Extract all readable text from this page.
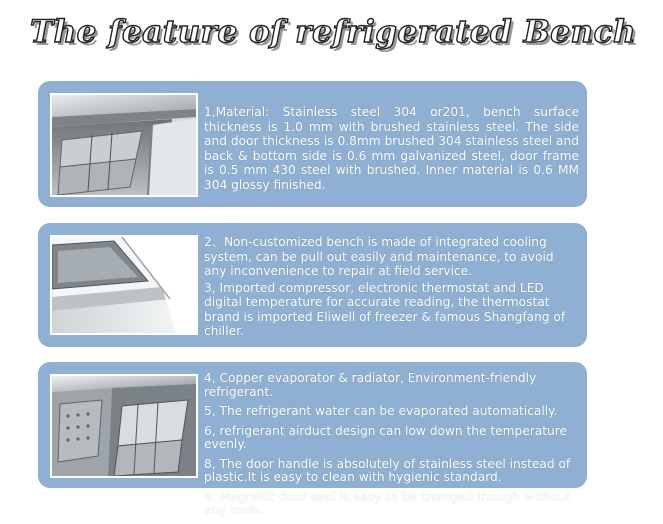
The feature of refrigerated Bench

1,Material: Stainless steel 304 or201, bench surface thickness is 1.0 mm with brushed stainless steel. The side and door thickness is 0.8mm brushed 304 stainless steel and back & bottom side is 0.6 mm galvanized steel, door frame is 0.5 mm 430 steel with brushed. Inner material is 0.6 MM 304 glossy finished.

2、Non-customized bench is made of integrated cooling system, can be pull out easily and maintenance, to avoid any inconvenience to repair at field service.

3, Imported compressor, electronic thermostat and LED digital temperature for accurate reading, the thermostat brand is imported Eliwell of freezer & famous Shangfang of chiller.

4, Copper evaporator & radiator, Environment-friendly refrigerant.

5, The refrigerant water can be evaporated automatically.

6, refrigerant airduct design can low down the temperature evenly.

8, The door handle is absolutely of stainless steel instead of plastic.It is easy to clean with hygienic standard.

9, Magnetic door seal is easy to be changed though without any tools.
